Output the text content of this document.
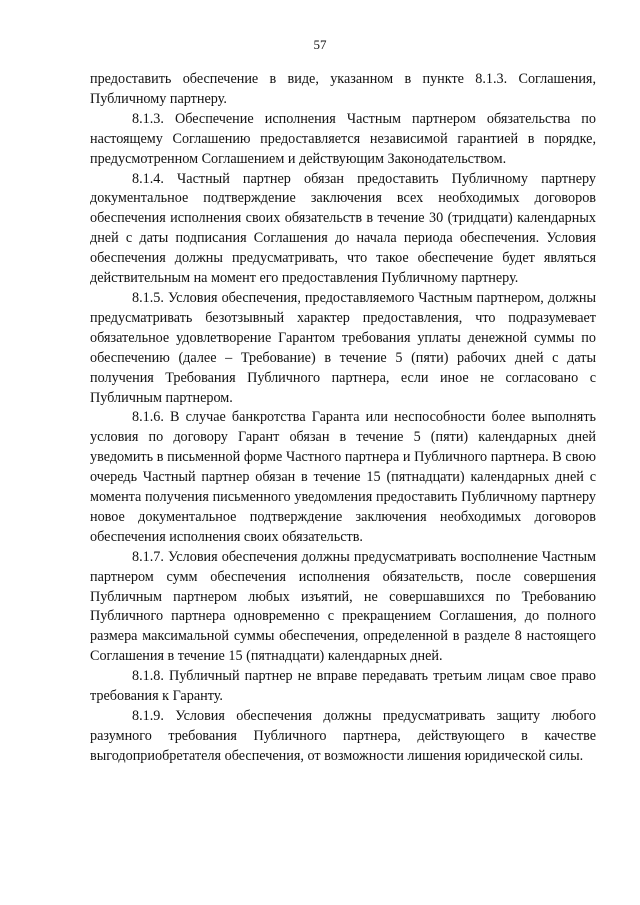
57

предоставить обеспечение в виде, указанном в пункте 8.1.3. Соглашения, Публичному партнеру.

8.1.3. Обеспечение исполнения Частным партнером обязательства по настоящему Соглашению предоставляется независимой гарантией в порядке, предусмотренном Соглашением и действующим Законодательством.

8.1.4. Частный партнер обязан предоставить Публичному партнеру документальное подтверждение заключения всех необходимых договоров обеспечения исполнения своих обязательств в течение 30 (тридцати) календарных дней с даты подписания Соглашения до начала периода обеспечения. Условия обеспечения должны предусматривать, что такое обеспечение будет являться действительным на момент его предоставления Публичному партнеру.

8.1.5. Условия обеспечения, предоставляемого Частным партнером, должны предусматривать безотзывный характер предоставления, что подразумевает обязательное удовлетворение Гарантом требования уплаты денежной суммы по обеспечению (далее – Требование) в течение 5 (пяти) рабочих дней с даты получения Требования Публичного партнера, если иное не согласовано с Публичным партнером.

8.1.6. В случае банкротства Гаранта или неспособности более выполнять условия по договору Гарант обязан в течение 5 (пяти) календарных дней уведомить в письменной форме Частного партнера и Публичного партнера. В свою очередь Частный партнер обязан в течение 15 (пятнадцати) календарных дней с момента получения письменного уведомления предоставить Публичному партнеру новое документальное подтверждение заключения необходимых договоров обеспечения исполнения своих обязательств.

8.1.7. Условия обеспечения должны предусматривать восполнение Частным партнером сумм обеспечения исполнения обязательств, после совершения Публичным партнером любых изъятий, не совершавшихся по Требованию Публичного партнера одновременно с прекращением Соглашения, до полного размера максимальной суммы обеспечения, определенной в разделе 8 настоящего Соглашения в течение 15 (пятнадцати) календарных дней.

8.1.8. Публичный партнер не вправе передавать третьим лицам свое право требования к Гаранту.

8.1.9. Условия обеспечения должны предусматривать защиту любого разумного требования Публичного партнера, действующего в качестве выгодоприобретателя обеспечения, от возможности лишения юридической силы.
